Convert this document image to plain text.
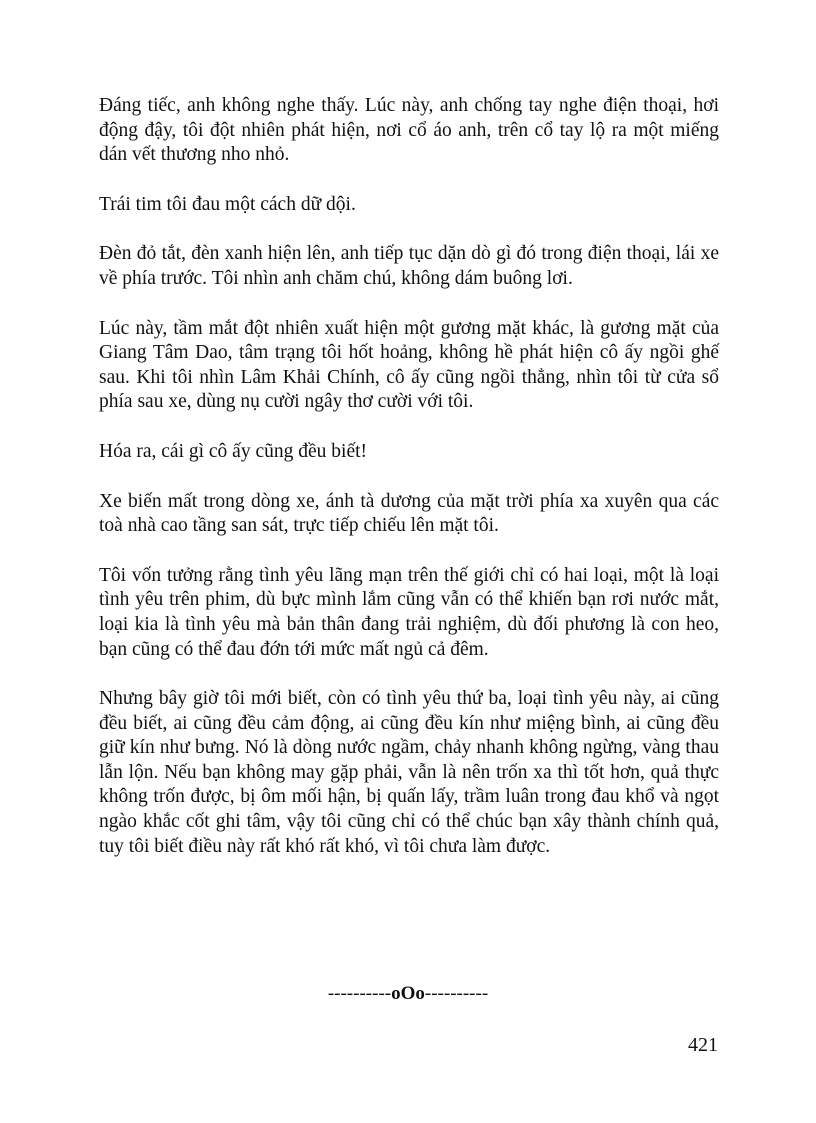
Đáng tiếc, anh không nghe thấy. Lúc này, anh chống tay nghe điện thoại, hơi động đậy, tôi đột nhiên phát hiện, nơi cổ áo anh, trên cổ tay lộ ra một miếng dán vết thương nho nhỏ.

Trái tim tôi đau một cách dữ dội.

Đèn đỏ tắt, đèn xanh hiện lên, anh tiếp tục dặn dò gì đó trong điện thoại, lái xe về phía trước. Tôi nhìn anh chăm chú, không dám buông lơi.

Lúc này, tầm mắt đột nhiên xuất hiện một gương mặt khác, là gương mặt của Giang Tâm Dao, tâm trạng tôi hốt hoảng, không hề phát hiện cô ấy ngồi ghế sau. Khi tôi nhìn Lâm Khải Chính, cô ấy cũng ngồi thẳng, nhìn tôi từ cửa sổ phía sau xe, dùng nụ cười ngây thơ cười với tôi.

Hóa ra, cái gì cô ấy cũng đều biết!

Xe biến mất trong dòng xe, ánh tà dương của mặt trời phía xa xuyên qua các toà nhà cao tầng san sát, trực tiếp chiếu lên mặt tôi.

Tôi vốn tưởng rằng tình yêu lãng mạn trên thế giới chỉ có hai loại, một là loại tình yêu trên phim, dù bực mình lắm cũng vẫn có thể khiến bạn rơi nước mắt, loại kia là tình yêu mà bản thân đang trải nghiệm, dù đối phương là con heo, bạn cũng có thể đau đớn tới mức mất ngủ cả đêm.

Nhưng bây giờ tôi mới biết, còn có tình yêu thứ ba, loại tình yêu này, ai cũng đều biết, ai cũng đều cảm động, ai cũng đều kín như miệng bình, ai cũng đều giữ kín như bưng. Nó là dòng nước ngầm, chảy nhanh không ngừng, vàng thau lẫn lộn. Nếu bạn không may gặp phải, vẫn là nên trốn xa thì tốt hơn, quả thực không trốn được, bị ôm mối hận, bị quấn lấy, trầm luân trong đau khổ và ngọt ngào khắc cốt ghi tâm, vậy tôi cũng chỉ có thể chúc bạn xây thành chính quả, tuy tôi biết điều này rất khó rất khó, vì tôi chưa làm được.

----------oOo----------
421
